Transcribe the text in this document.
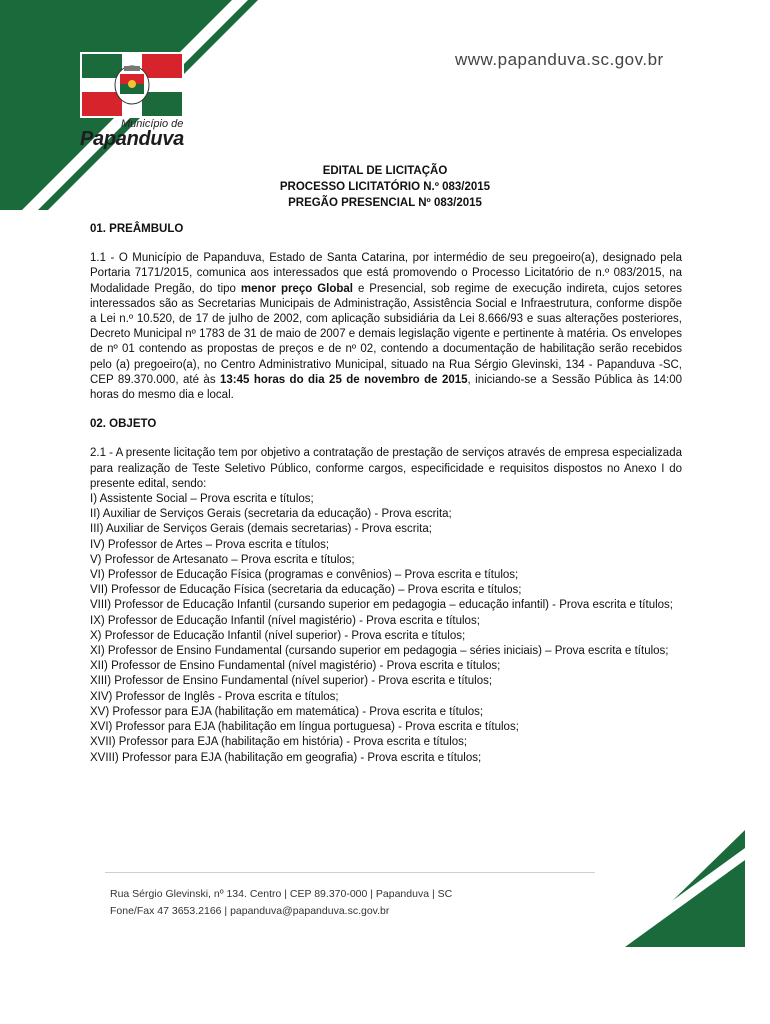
Município de
Papanduva
www.papanduva.sc.gov.br
EDITAL DE LICITAÇÃO
PROCESSO LICITATÓRIO N.º 083/2015
PREGÃO PRESENCIAL Nº 083/2015
01. PREÂMBULO

1.1 - O Município de Papanduva, Estado de Santa Catarina, por intermédio de seu pregoeiro(a), designado pela Portaria 7171/2015, comunica aos interessados que está promovendo o Processo Licitatório de n.º 083/2015, na Modalidade Pregão, do tipo menor preço Global e Presencial, sob regime de execução indireta, cujos setores interessados são as Secretarias Municipais de Administração, Assistência Social e Infraestrutura, conforme dispõe a Lei n.º 10.520, de 17 de julho de 2002, com aplicação subsidiária da Lei 8.666/93 e suas alterações posteriores, Decreto Municipal nº 1783 de 31 de maio de 2007 e demais legislação vigente e pertinente à matéria. Os envelopes de nº 01 contendo as propostas de preços e de nº 02, contendo a documentação de habilitação serão recebidos pelo (a) pregoeiro(a), no Centro Administrativo Municipal, situado na Rua Sérgio Glevinski, 134 - Papanduva -SC, CEP 89.370.000, até às 13:45 horas do dia 25 de novembro de 2015, iniciando-se a Sessão Pública às 14:00 horas do mesmo dia e local.

02. OBJETO
2.1 - A presente licitação tem por objetivo a contratação de prestação de serviços através de empresa especializada para realização de Teste Seletivo Público, conforme cargos, especificidade e requisitos dispostos no Anexo I do presente edital, sendo:
I) Assistente Social – Prova escrita e títulos;
II) Auxiliar de Serviços Gerais (secretaria da educação) - Prova escrita;
III) Auxiliar de Serviços Gerais (demais secretarias) - Prova escrita;
IV) Professor de Artes – Prova escrita e títulos;
V) Professor de Artesanato – Prova escrita e títulos;
VI) Professor de Educação Física (programas e convênios) – Prova escrita e títulos;
VII) Professor de Educação Física (secretaria da educação) – Prova escrita e títulos;
VIII) Professor de Educação Infantil (cursando superior em pedagogia – educação infantil) - Prova escrita e títulos;
IX) Professor de Educação Infantil (nível magistério) - Prova escrita e títulos;
X) Professor de Educação Infantil (nível superior) - Prova escrita e títulos;
XI) Professor de Ensino Fundamental (cursando superior em pedagogia – séries iniciais) – Prova escrita e títulos;
XII) Professor de Ensino Fundamental (nível magistério) - Prova escrita e títulos;
XIII) Professor de Ensino Fundamental (nível superior) - Prova escrita e títulos;
XIV) Professor de Inglês - Prova escrita e títulos;
XV) Professor para EJA (habilitação em matemática) - Prova escrita e títulos;
XVI) Professor para EJA (habilitação em língua portuguesa) - Prova escrita e títulos;
XVII) Professor para EJA (habilitação em história) - Prova escrita e títulos;
XVIII) Professor para EJA (habilitação em geografia) - Prova escrita e títulos;
Rua Sérgio Glevinski, nº 134. Centro | CEP 89.370-000 | Papanduva | SC
Fone/Fax 47 3653.2166 | papanduva@papanduva.sc.gov.br
